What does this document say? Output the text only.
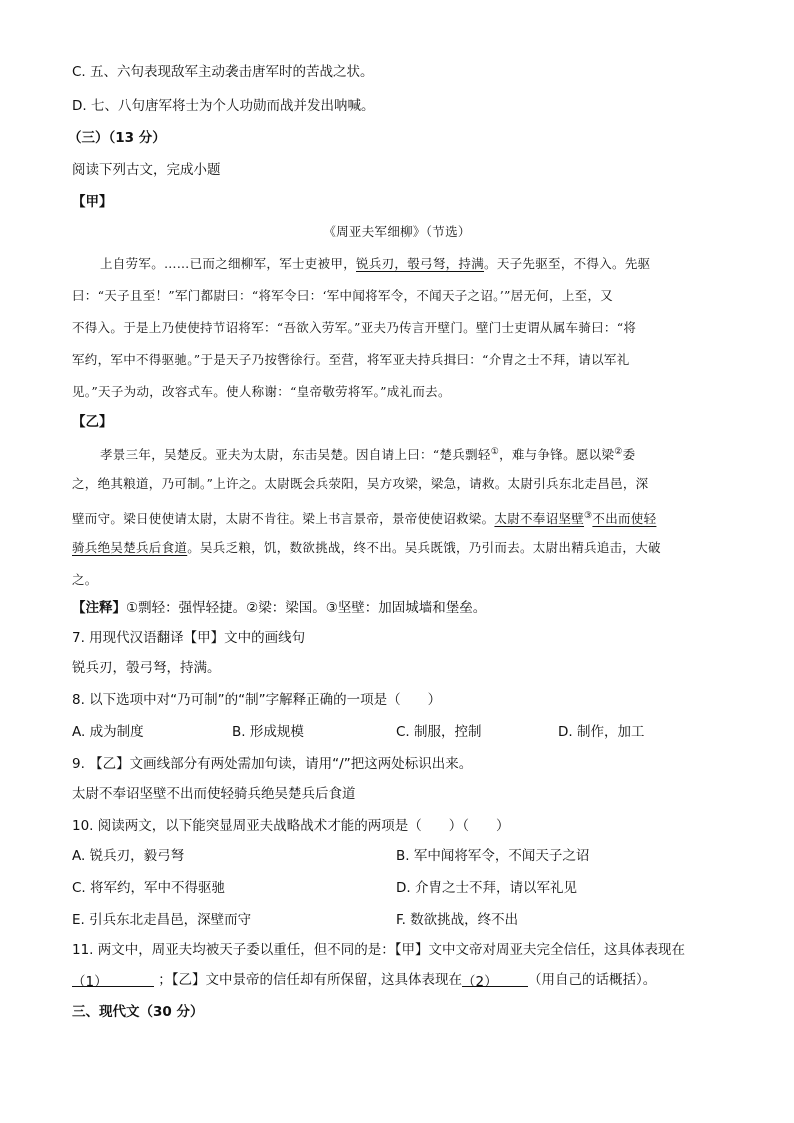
C. 五、六句表现敌军主动袭击唐军时的苦战之状。
D. 七、八句唐军将士为个人功勋而战并发出呐喊。
（三）（13 分）
阅读下列古文，完成小题
【甲】
《周亚夫军细柳》（节选）
上自劳军。……已而之细柳军，军士吏被甲，锐兵刃，彀弓弩，持满。天子先驱至，不得入。先驱
曰：“天子且至！”军门都尉曰：“将军令曰：‘军中闻将军令，不闻天子之诏。’”居无何，上至，又
不得入。于是上乃使使持节诏将军：“吾欲入劳军。”亚夫乃传言开壁门。壁门士吏谓从属车骑曰：“将
军约，军中不得驱驰。”于是天子乃按辔徐行。至营，将军亚夫持兵揖曰：“介胄之士不拜，请以军礼
见。”天子为动，改容式车。使人称谢：“皇帝敬劳将军。”成礼而去。
【乙】
孝景三年，吴楚反。亚夫为太尉，东击吴楚。因自请上曰：“楚兵剽轻①，难与争锋。愿以梁②委
之，绝其粮道，乃可制。”上许之。太尉既会兵荥阳，吴方攻梁，梁急，请救。太尉引兵东北走昌邑，深
壁而守。梁日使使请太尉，太尉不肯往。梁上书言景帝，景帝使使诏救梁。太尉不奉诏坚壁③不出而使轻
骑兵绝吴楚兵后食道。吴兵乏粮，饥，数欲挑战，终不出。吴兵既饿，乃引而去。太尉出精兵追击，大破
之。
【注释】①剽轻：强悍轻捷。②梁：梁国。③坚壁：加固城墙和堡垒。
7. 用现代汉语翻译【甲】文中的画线句
锐兵刃，彀弓弩，持满。
8. 以下选项中对“乃可制”的“制”字解释正确的一项是（　　）
A. 成为制度	B. 形成规模	C. 制服，控制	D. 制作，加工
9. 【乙】文画线部分有两处需加句读，请用“/”把这两处标识出来。
太尉不奉诏坚壁不出而使轻骑兵绝吴楚兵后食道
10. 阅读两文，以下能突显周亚夫战略战术才能的两项是（　　）（　　）
A. 锐兵刃，毅弓弩	B. 军中闻将军令，不闻天子之诏
C. 将军约，军中不得驱驰	D. 介胄之士不拜，请以军礼见
E. 引兵东北走昌邑，深壁而守	F. 数欲挑战，终不出
11. 两文中，周亚夫均被天子委以重任，但不同的是：【甲】文中文帝对周亚夫完全信任，这具体表现在
（1）	；【乙】文中景帝的信任却有所保留，这具体表现在（2） （用自己的话概括）。
三、现代文（30 分）
